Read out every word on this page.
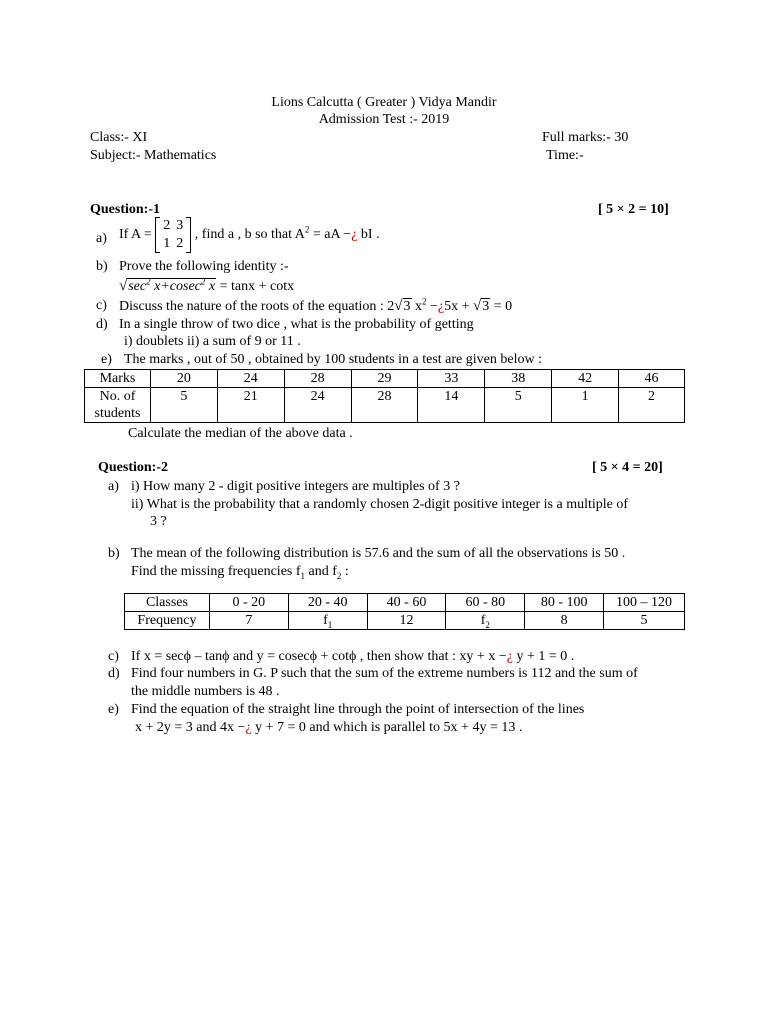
Lions Calcutta ( Greater ) Vidya Mandir
Admission Test :- 2019
Class:- XI	Full marks:- 30
Subject:- Mathematics	Time:-
Question:-1	[ 5 × 2 = 10]
a) If A =
2	3
1	2
, find a , b so that $A^2$ = aA −¿ bI .
b) Prove the following identity :-
$√\sec^2$ x+cosec$^2$ x = tanx + cotx
c) Discuss the nature of the roots of the equation : 2√3 $x^2$ −¿5x + √3 = 0
d) In a single throw of two dice , what is the probability of getting
i) doublets ii) a sum of 9 or 11 .
e) The marks , out of 50 , obtained by 100 students in a test are given below :
Marks	20	24	28	29	33	38	42	46
No. of
students	5	21	24	28	14	5	1	2
Calculate the median of the above data .
Question:-2	[ 5 × 4 = 20]
a) i) How many 2 - digit positive integers are multiples of 3 ?
ii) What is the probability that a randomly chosen 2-digit positive integer is a multiple of
3 ?
b) The mean of the following distribution is 57.6 and the sum of all the observations is 50 .
Find the missing frequencies $f_1$ and $f_2$ :
Classes	0 - 20	20 - 40	40 - 60	60 - 80	80 - 100	100 – 120
Frequency	7	$f_1$	12	$f_2$	8	5
c) If x = secϕ – tanϕ and y = cosecϕ + cotϕ , then show that : xy + x −¿ y + 1 = 0 .
d) Find four numbers in G. P such that the sum of the extreme numbers is 112 and the sum of
the middle numbers is 48 .
e) Find the equation of the straight line through the point of intersection of the lines
x + 2y = 3 and 4x −¿ y + 7 = 0 and which is parallel to 5x + 4y = 13 .
